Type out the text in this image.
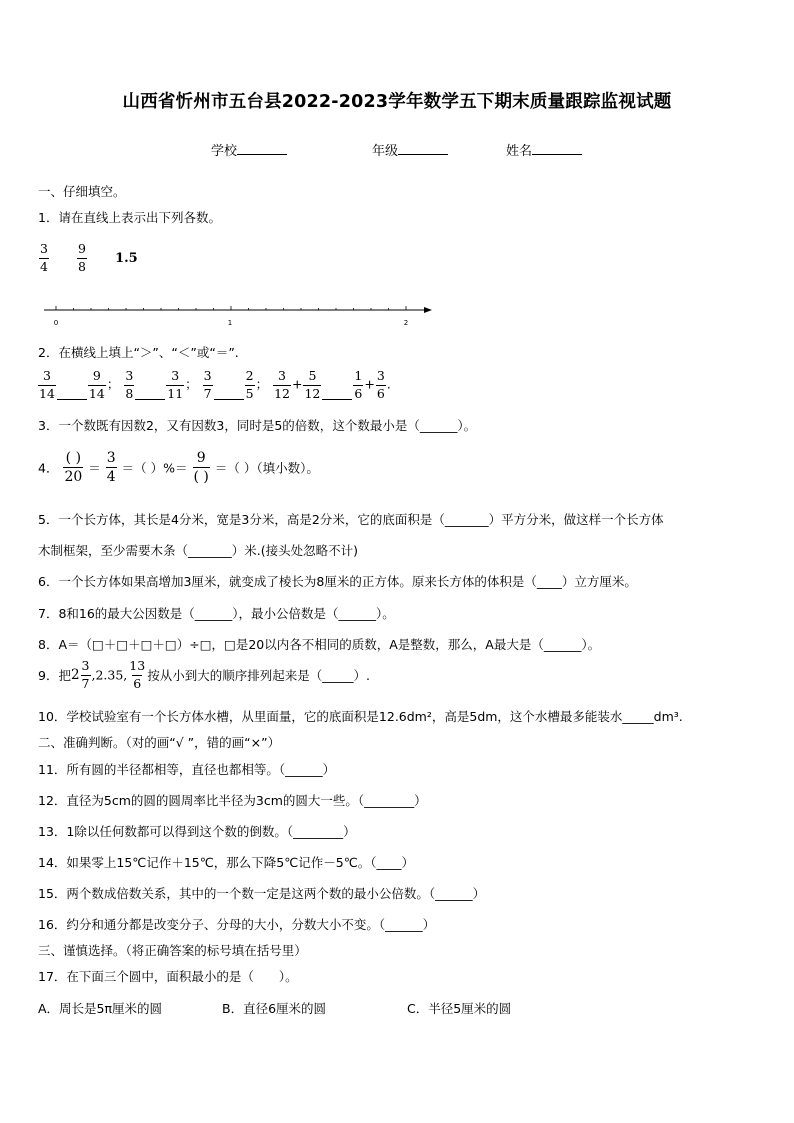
山西省忻州市五台县2022-2023学年数学五下期末质量跟踪监视试题
学校	年级	姓名
一、仔细填空。
1．请在直线上表示出下列各数。
$\frac{3}{4}$
$\frac{9}{8} 1.5$
0	1	2
2．在横线上填上“＞”、“＜”或“＝”.
$\frac{3}{14}$	$\frac{9}{14}$ ； $\frac{3}{8}$	$\frac{3}{11}$ ； $\frac{3}{7}$	$\frac{2}{5}$ ； $\frac{3}{12} + \frac{5}{12}$	$\frac{1}{6} + \frac{3}{6}$ .
3．一个数既有因数2，又有因数3，同时是5的倍数，这个数最小是（______）。
4． $\frac{( )}{20} = \frac{3}{4}$ ＝（ ）%＝ $\frac{9}{( )}$ ＝（ ）（填小数）。
5．一个长方体，其长是4分米，宽是3分米，高是2分米，它的底面积是（_______）平方分米，做这样一个长方体
木制框架，至少需要木条（_______）米.(接头处忽略不计)
6．一个长方体如果高增加3厘米，就变成了棱长为8厘米的正方体。原来长方体的体积是（____）立方厘米。
7．8和16的最大公因数是（______），最小公倍数是（______）。
8．A＝（□＋□＋□＋□）÷□，□是20以内各不相同的质数，A是整数，那么，A最大是（______）。
9．把$2 \frac{3}{7} ,2.35$, $\frac{13}{6}$ 按从小到大的顺序排列起来是（_____）.
10．学校试验室有一个长方体水槽，从里面量，它的底面积是12.6dm²，高是5dm，这个水槽最多能装水_____dm³.
二、准确判断。（对的画“√ ”，错的画“×”）
11．所有圆的半径都相等，直径也都相等。（______）
12．直径为5cm的圆的圆周率比半径为3cm的圆大一些。（________）
13．1除以任何数都可以得到这个数的倒数。（________）
14．如果零上15℃记作＋15℃，那么下降5℃记作－5℃。（____）
15．两个数成倍数关系，其中的一个数一定是这两个数的最小公倍数。（______）
16．约分和通分都是改变分子、分母的大小，分数大小不变。（______）
三、谨慎选择。（将正确答案的标号填在括号里）
17．在下面三个圆中，面积最小的是（　　）。
A．周长是5π厘米的圆	B．直径6厘米的圆	C．半径5厘米的圆
